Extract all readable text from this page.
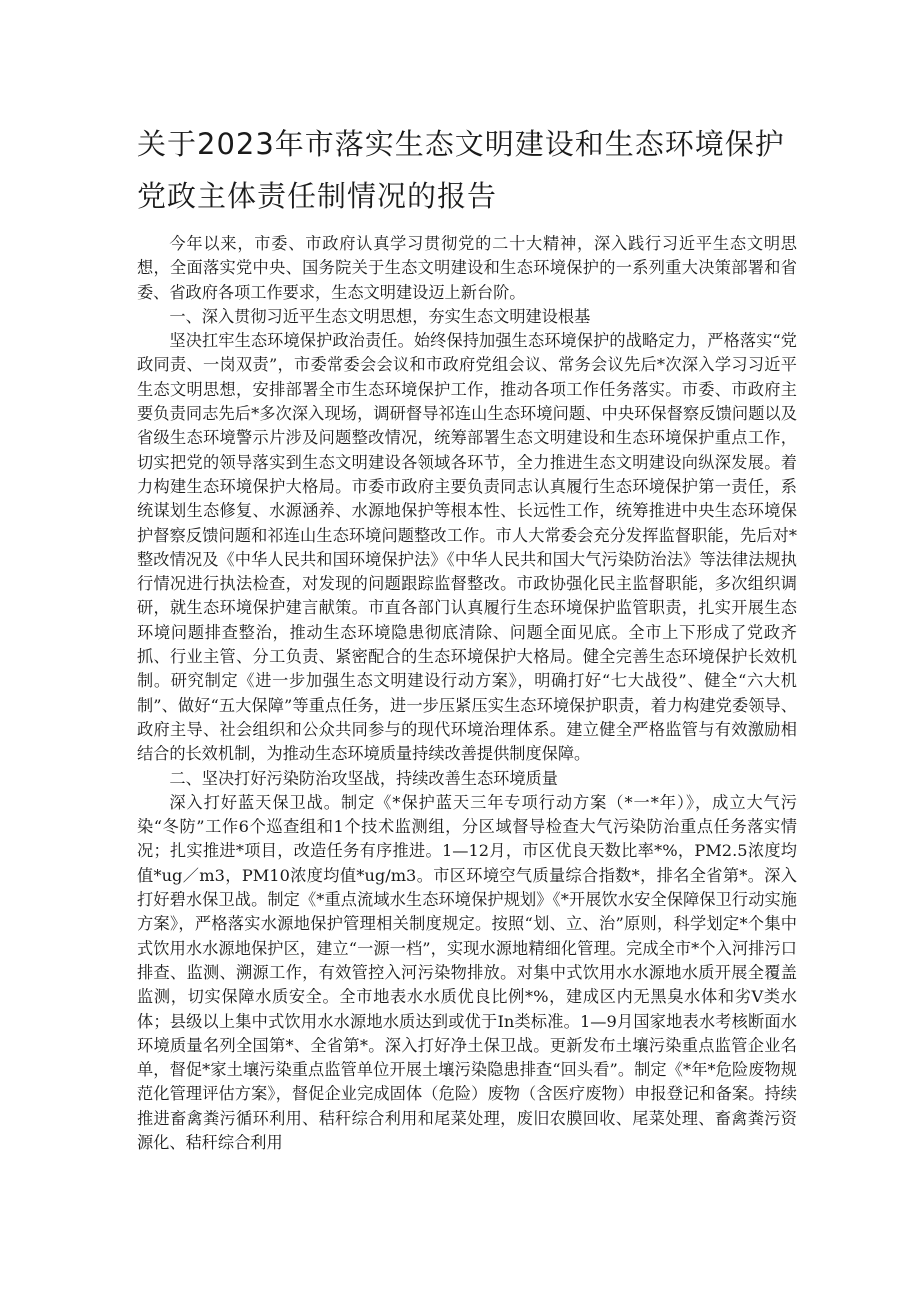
关于2023年市落实生态文明建设和生态环境保护党政主体责任制情况的报告

今年以来，市委、市政府认真学习贯彻党的二十大精神，深入践行习近平生态文明思想，全面落实党中央、国务院关于生态文明建设和生态环境保护的一系列重大决策部署和省委、省政府各项工作要求，生态文明建设迈上新台阶。

一、深入贯彻习近平生态文明思想，夯实生态文明建设根基

坚决扛牢生态环境保护政治责任。始终保持加强生态环境保护的战略定力，严格落实“党政同责、一岗双责”，市委常委会会议和市政府党组会议、常务会议先后*次深入学习习近平生态文明思想，安排部署全市生态环境保护工作，推动各项工作任务落实。市委、市政府主要负责同志先后*多次深入现场，调研督导祁连山生态环境问题、中央环保督察反馈问题以及省级生态环境警示片涉及问题整改情况，统筹部署生态文明建设和生态环境保护重点工作，切实把党的领导落实到生态文明建设各领域各环节，全力推进生态文明建设向纵深发展。着力构建生态环境保护大格局。市委市政府主要负责同志认真履行生态环境保护第一责任，系统谋划生态修复、水源涵养、水源地保护等根本性、长远性工作，统筹推进中央生态环境保护督察反馈问题和祁连山生态环境问题整改工作。市人大常委会充分发挥监督职能，先后对*整改情况及《中华人民共和国环境保护法》《中华人民共和国大气污染防治法》等法律法规执行情况进行执法检查，对发现的问题跟踪监督整改。市政协强化民主监督职能，多次组织调研，就生态环境保护建言献策。市直各部门认真履行生态环境保护监管职责，扎实开展生态环境问题排查整治，推动生态环境隐患彻底清除、问题全面见底。全市上下形成了党政齐抓、行业主管、分工负责、紧密配合的生态环境保护大格局。健全完善生态环境保护长效机制。研究制定《进一步加强生态文明建设行动方案》，明确打好“七大战役”、健全“六大机制”、做好“五大保障”等重点任务，进一步压紧压实生态环境保护职责，着力构建党委领导、政府主导、社会组织和公众共同参与的现代环境治理体系。建立健全严格监管与有效激励相结合的长效机制，为推动生态环境质量持续改善提供制度保障。

二、坚决打好污染防治攻坚战，持续改善生态环境质量

深入打好蓝天保卫战。制定《*保护蓝天三年专项行动方案（*一*年）》，成立大气污染“冬防”工作6个巡查组和1个技术监测组，分区域督导检查大气污染防治重点任务落实情况；扎实推进*项目，改造任务有序推进。1—12月，市区优良天数比率*%，PM2.5浓度均值*ug／m3，PM10浓度均值*ug/m3。市区环境空气质量综合指数*，排名全省第*。深入打好碧水保卫战。制定《*重点流域水生态环境保护规划》《*开展饮水安全保障保卫行动实施方案》，严格落实水源地保护管理相关制度规定。按照“划、立、治”原则，科学划定*个集中式饮用水水源地保护区，建立“一源一档”，实现水源地精细化管理。完成全市*个入河排污口排查、监测、溯源工作，有效管控入河污染物排放。对集中式饮用水水源地水质开展全覆盖监测，切实保障水质安全。全市地表水水质优良比例*%，建成区内无黑臭水体和劣Ⅴ类水体；县级以上集中式饮用水水源地水质达到或优于In类标准。1—9月国家地表水考核断面水环境质量名列全国第*、全省第*。深入打好净土保卫战。更新发布土壤污染重点监管企业名单，督促*家土壤污染重点监管单位开展土壤污染隐患排查“回头看”。制定《*年*危险废物规范化管理评估方案》，督促企业完成固体（危险）废物（含医疗废物）申报登记和备案。持续推进畜禽粪污循环利用、秸秆综合利用和尾菜处理，废旧农膜回收、尾菜处理、畜禽粪污资源化、秸秆综合利用
